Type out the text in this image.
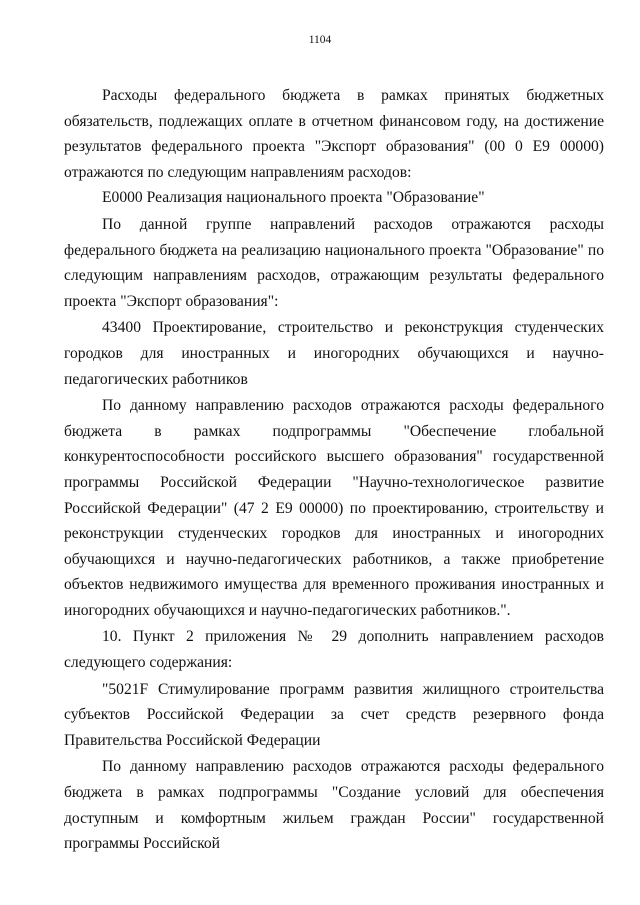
1104

Расходы федерального бюджета в рамках принятых бюджетных обязательств, подлежащих оплате в отчетном финансовом году, на достижение результатов федерального проекта "Экспорт образования" (00 0 Е9 00000) отражаются по следующим направлениям расходов:

Е0000 Реализация национального проекта "Образование"

По данной группе направлений расходов отражаются расходы федерального бюджета на реализацию национального проекта "Образование" по следующим направлениям расходов, отражающим результаты федерального проекта "Экспорт образования":

43400 Проектирование, строительство и реконструкция студенческих городков для иностранных и иногородних обучающихся и научно-педагогических работников

По данному направлению расходов отражаются расходы федерального бюджета в рамках подпрограммы "Обеспечение глобальной конкурентоспособности российского высшего образования" государственной программы Российской Федерации "Научно-технологическое развитие Российской Федерации" (47 2 Е9 00000) по проектированию, строительству и реконструкции студенческих городков для иностранных и иногородних обучающихся и научно-педагогических работников, а также приобретение объектов недвижимого имущества для временного проживания иностранных и иногородних обучающихся и научно-педагогических работников.".

10. Пункт 2 приложения № 29 дополнить направлением расходов следующего содержания:

"5021F Стимулирование программ развития жилищного строительства субъектов Российской Федерации за счет средств резервного фонда Правительства Российской Федерации

По данному направлению расходов отражаются расходы федерального бюджета в рамках подпрограммы "Создание условий для обеспечения доступным и комфортным жильем граждан России" государственной программы Российской
